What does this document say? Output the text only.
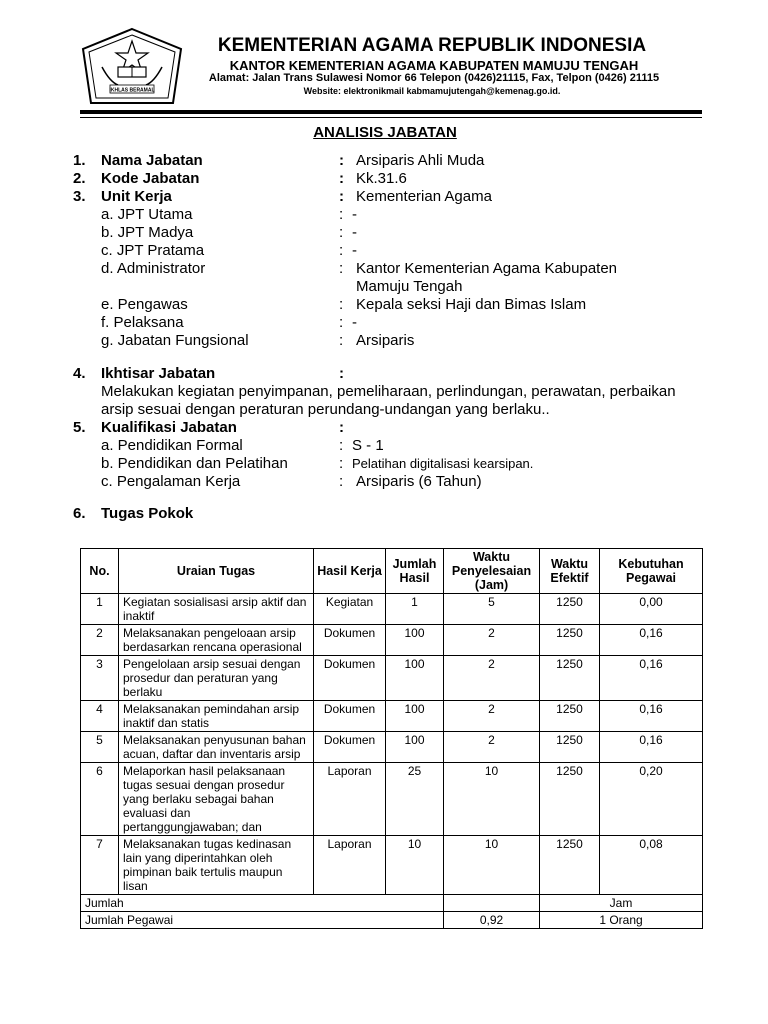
IKHLAS BERAMAL
KEMENTERIAN AGAMA REPUBLIK INDONESIA
KANTOR KEMENTERIAN AGAMA KABUPATEN MAMUJU TENGAH
Alamat: Jalan Trans Sulawesi Nomor 66 Telepon (0426)21115, Fax, Telpon (0426) 21115
Website: elektronikmail kabmamujutengah@kemenag.go.id.
ANALISIS JABATAN
1. Nama Jabatan	: Arsiparis Ahli Muda
2. Kode Jabatan	: Kk.31.6
3. Unit Kerja	: Kementerian Agama
a. JPT Utama	: -
b. JPT Madya	: -
c. JPT Pratama	: -
d. Administrator	: Kantor Kementerian Agama Kabupaten
Mamuju Tengah
e. Pengawas	: Kepala seksi Haji dan Bimas Islam
f. Pelaksana	: -
g. Jabatan Fungsional	: Arsiparis
4. Ikhtisar Jabatan	:
Melakukan kegiatan penyimpanan, pemeliharaan, perlindungan, perawatan, perbaikan
arsip sesuai dengan peraturan perundang-undangan yang berlaku..
5. Kualifikasi Jabatan	:
a. Pendidikan Formal	: S - 1
b. Pendidikan dan Pelatihan	: Pelatihan digitalisasi kearsipan.
c. Pengalaman Kerja	: Arsiparis (6 Tahun)
6. Tugas Pokok
No.	Uraian Tugas	Hasil Kerja	Jumlah Hasil	Waktu Penyelesaian (Jam)	Waktu Efektif	Kebutuhan Pegawai
1	Kegiatan sosialisasi arsip aktif dan inaktif	Kegiatan	1	5	1250	0,00
2	Melaksanakan pengeloaan arsip berdasarkan rencana operasional	Dokumen	100	2	1250	0,16
3	Pengelolaan arsip sesuai dengan prosedur dan peraturan yang berlaku	Dokumen	100	2	1250	0,16
4	Melaksanakan pemindahan arsip inaktif dan statis	Dokumen	100	2	1250	0,16
5	Melaksanakan penyusunan bahan acuan, daftar dan inventaris arsip	Dokumen	100	2	1250	0,16
6	Melaporkan hasil pelaksanaan tugas sesuai dengan prosedur yang berlaku sebagai bahan evaluasi dan pertanggungjawaban; dan	Laporan	25	10	1250	0,20
7	Melaksanakan tugas kedinasan lain yang diperintahkan oleh pimpinan baik tertulis maupun lisan	Laporan	10	10	1250	0,08
Jumlah					Jam	
Jumlah Pegawai				0,92	1 Orang	
